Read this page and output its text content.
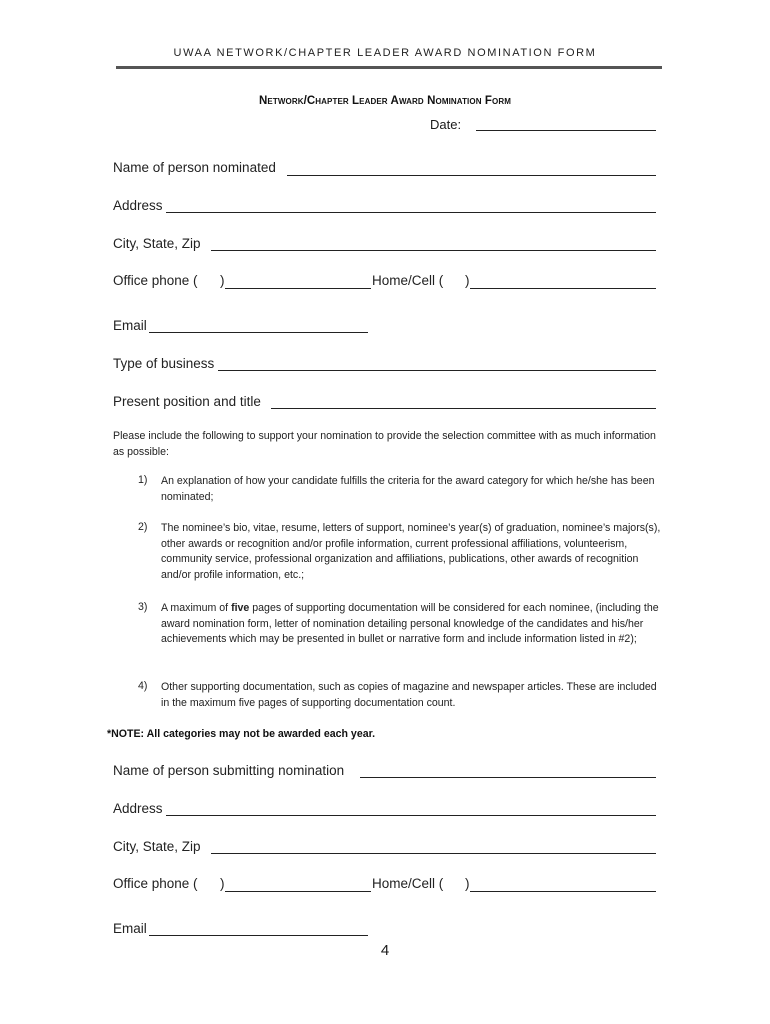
UWAA NETWORK/CHAPTER LEADER AWARD NOMINATION FORM
Network/Chapter Leader Award Nomination Form
Date:
Name of person nominated
Address
City, State, Zip
Office phone ( )	Home/Cell ( )
Email
Type of business
Present position and title
Please include the following to support your nomination to provide the selection committee with as much information as possible:
1) An explanation of how your candidate fulfills the criteria for the award category for which he/she has been nominated;
2) The nominee’s bio, vitae, resume, letters of support, nominee’s year(s) of graduation, nominee’s majors(s), other awards or recognition and/or profile information, current professional affiliations, volunteerism, community service, professional organization and affiliations, publications, other awards of recognition and/or profile information, etc.;
3) A maximum of five pages of supporting documentation will be considered for each nominee, (including the award nomination form, letter of nomination detailing personal knowledge of the candidates and his/her achievements which may be presented in bullet or narrative form and include information listed in #2);
4) Other supporting documentation, such as copies of magazine and newspaper articles. These are included in the maximum five pages of supporting documentation count.
*NOTE: All categories may not be awarded each year.
Name of person submitting nomination
Address
City, State, Zip
Office phone ( )	Home/Cell ( )
Email
4
